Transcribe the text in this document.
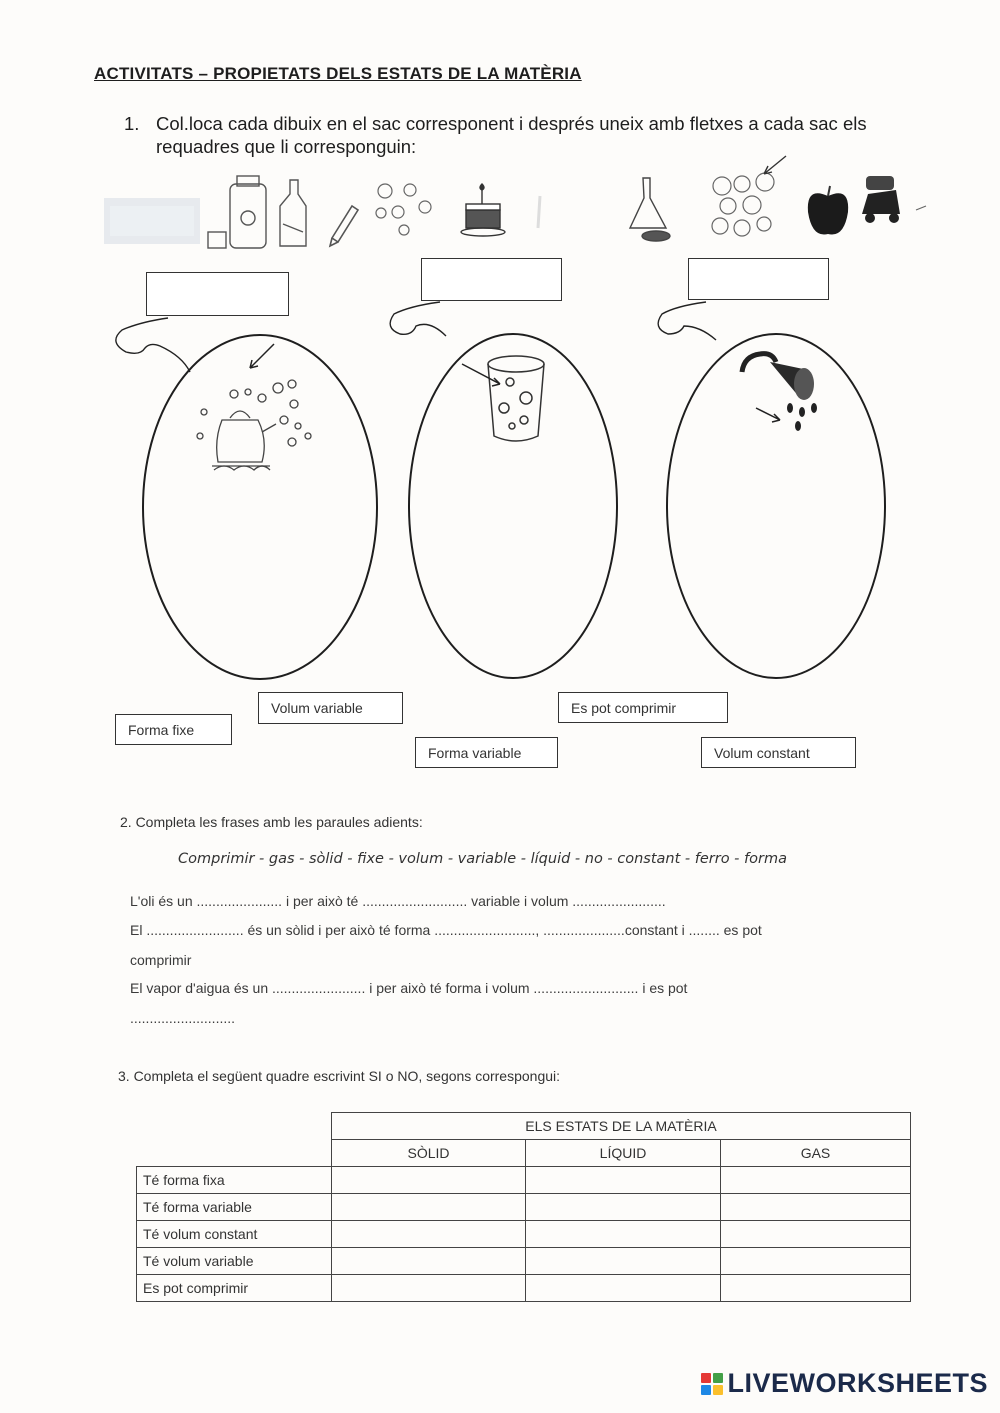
ACTIVITATS – PROPIETATS DELS ESTATS DE LA MATÈRIA
1. Col.loca cada dibuix en el sac corresponent i després uneix amb fletxes a cada sac els requadres que li corresponguin:
Volum variable
Forma fixe
Es pot comprimir
Forma variable	Volum constant
2. Completa les frases amb les paraules adients:
Comprimir - gas - sòlid - fixe - volum - variable - líquid - no - constant - ferro - forma
L'oli és un ...................... i per això té ........................... variable i volum ........................
El ......................... és un sòlid i per això té forma .........................., .....................constant i ........ es pot
comprimir
El vapor d'aigua és un ........................ i per això té forma i volum ........................... i es pot
...........................
3. Completa el següent quadre escrivint SI o NO, segons correspongui:
	ELS ESTATS DE LA MATÈRIA		
	SÒLID	LÍQUID	GAS
Té forma fixa			
Té forma variable			
Té volum constant			
Té volum variable			
Es pot comprimir			
LIVEWORKSHEETS
